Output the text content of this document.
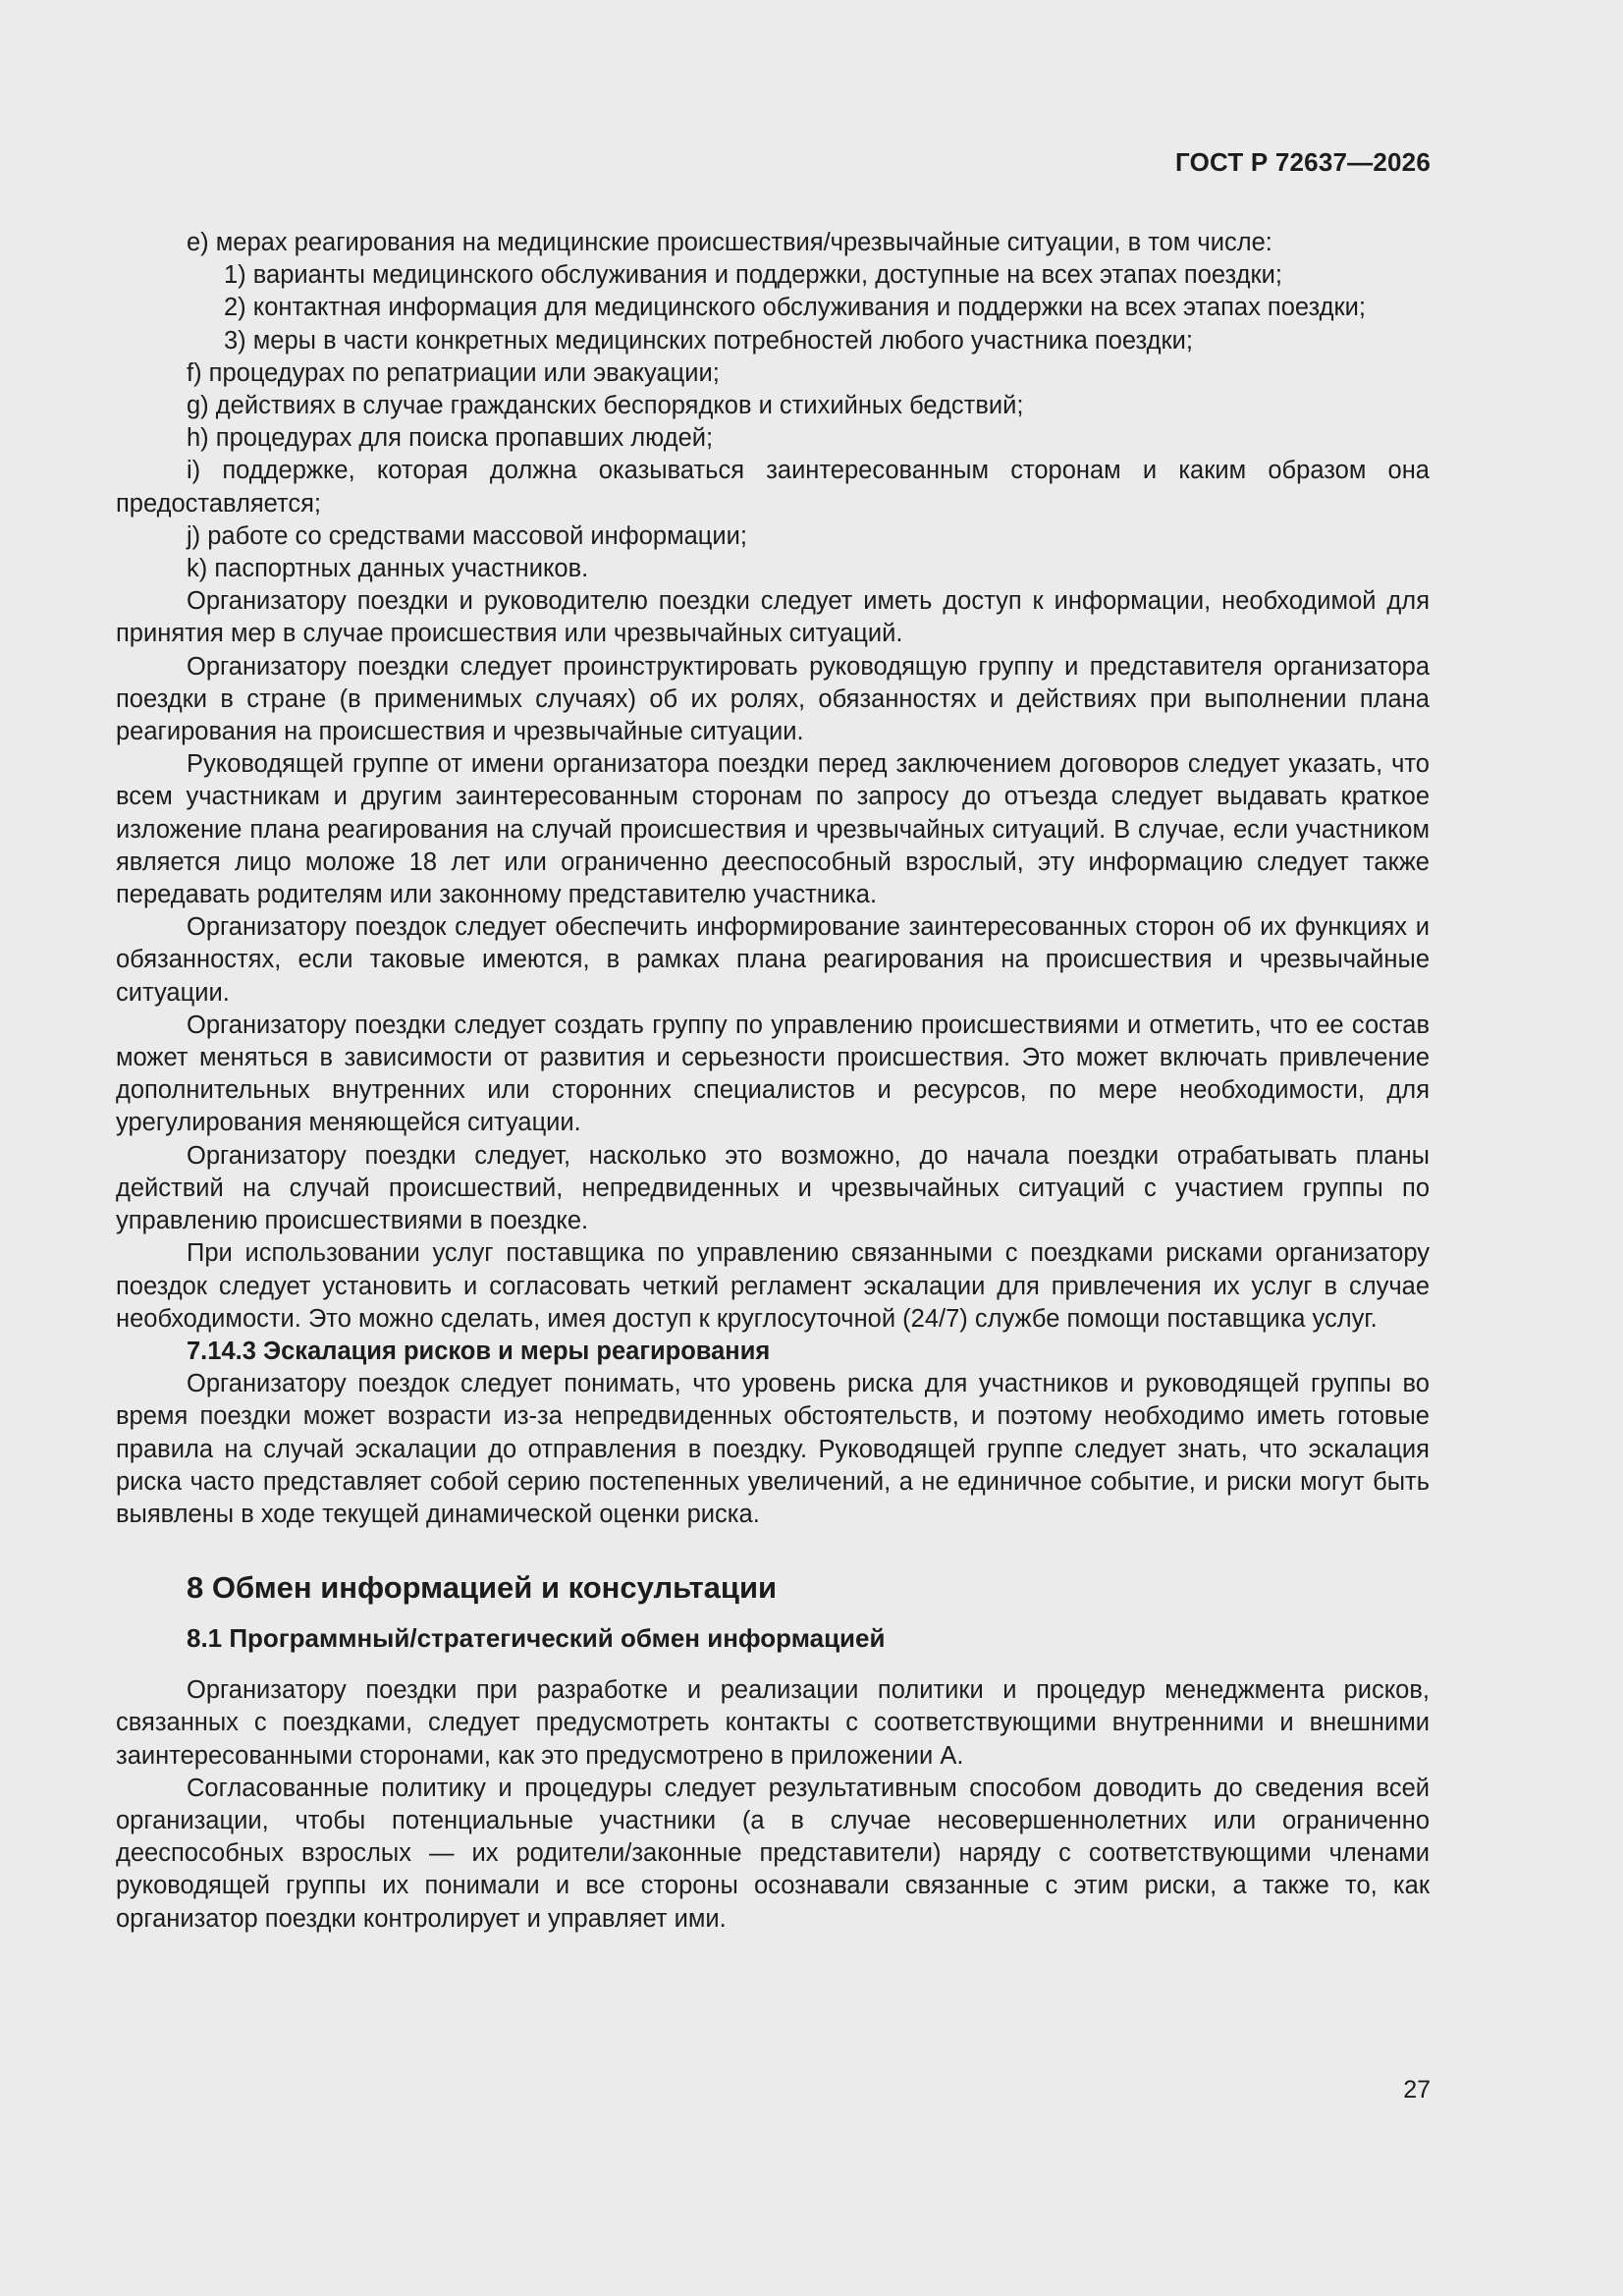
ГОСТ Р 72637—2026

e) мерах реагирования на медицинские происшествия/чрезвычайные ситуации, в том числе:

1) варианты медицинского обслуживания и поддержки, доступные на всех этапах поездки;

2) контактная информация для медицинского обслуживания и поддержки на всех этапах поездки;

3) меры в части конкретных медицинских потребностей любого участника поездки;

f) процедурах по репатриации или эвакуации;

g) действиях в случае гражданских беспорядков и стихийных бедствий;

h) процедурах для поиска пропавших людей;

i) поддержке, которая должна оказываться заинтересованным сторонам и каким образом она предоставляется;

j) работе со средствами массовой информации;

k) паспортных данных участников.

Организатору поездки и руководителю поездки следует иметь доступ к информации, необходимой для принятия мер в случае происшествия или чрезвычайных ситуаций.

Организатору поездки следует проинструктировать руководящую группу и представителя организатора поездки в стране (в применимых случаях) об их ролях, обязанностях и действиях при выполнении плана реагирования на происшествия и чрезвычайные ситуации.

Руководящей группе от имени организатора поездки перед заключением договоров следует указать, что всем участникам и другим заинтересованным сторонам по запросу до отъезда следует выдавать краткое изложение плана реагирования на случай происшествия и чрезвычайных ситуаций. В случае, если участником является лицо моложе 18 лет или ограниченно дееспособный взрослый, эту информацию следует также передавать родителям или законному представителю участника.

Организатору поездок следует обеспечить информирование заинтересованных сторон об их функциях и обязанностях, если таковые имеются, в рамках плана реагирования на происшествия и чрезвычайные ситуации.

Организатору поездки следует создать группу по управлению происшествиями и отметить, что ее состав может меняться в зависимости от развития и серьезности происшествия. Это может включать привлечение дополнительных внутренних или сторонних специалистов и ресурсов, по мере необходимости, для урегулирования меняющейся ситуации.

Организатору поездки следует, насколько это возможно, до начала поездки отрабатывать планы действий на случай происшествий, непредвиденных и чрезвычайных ситуаций с участием группы по управлению происшествиями в поездке.

При использовании услуг поставщика по управлению связанными с поездками рисками организатору поездок следует установить и согласовать четкий регламент эскалации для привлечения их услуг в случае необходимости. Это можно сделать, имея доступ к круглосуточной (24/7) службе помощи поставщика услуг.

7.14.3 Эскалация рисков и меры реагирования

Организатору поездок следует понимать, что уровень риска для участников и руководящей группы во время поездки может возрасти из-за непредвиденных обстоятельств, и поэтому необходимо иметь готовые правила на случай эскалации до отправления в поездку. Руководящей группе следует знать, что эскалация риска часто представляет собой серию постепенных увеличений, а не единичное событие, и риски могут быть выявлены в ходе текущей динамической оценки риска.

8 Обмен информацией и консультации

8.1 Программный/стратегический обмен информацией

Организатору поездки при разработке и реализации политики и процедур менеджмента рисков, связанных с поездками, следует предусмотреть контакты с соответствующими внутренними и внешними заинтересованными сторонами, как это предусмотрено в приложении А.

Согласованные политику и процедуры следует результативным способом доводить до сведения всей организации, чтобы потенциальные участники (а в случае несовершеннолетних или ограниченно дееспособных взрослых — их родители/законные представители) наряду с соответствующими членами руководящей группы их понимали и все стороны осознавали связанные с этим риски, а также то, как организатор поездки контролирует и управляет ими.

27
